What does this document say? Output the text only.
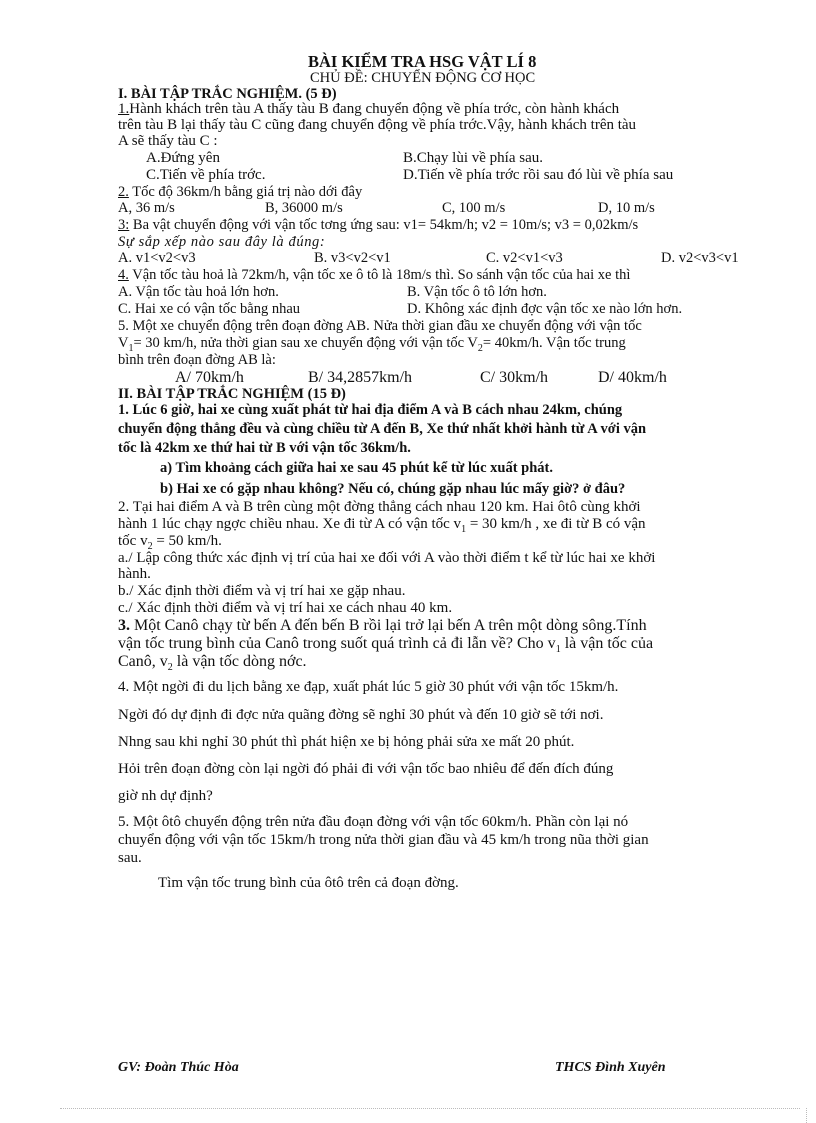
BÀI KIỂM TRA HSG VẬT LÍ 8
CHỦ ĐỀ: CHUYỂN ĐỘNG CƠ HỌC
I. BÀI TẬP TRẮC NGHIỆM. (5 Đ)
1.Hành khách trên tàu A thấy tàu B đang chuyển động về phía trớc, còn hành khách
trên tàu B lại thấy tàu C cũng đang chuyển động về phía trớc.Vậy, hành khách trên tàu
A sẽ thấy tàu C :
A.Đứng yên	B.Chạy lùi về phía sau.
C.Tiến về phía trớc.	D.Tiến về phía trớc rồi sau đó lùi về phía sau
2. Tốc độ 36km/h bằng giá trị nào dới đây
A, 36 m/s	B, 36000 m/s	C, 100 m/s	D, 10 m/s
3: Ba vật chuyển động với vận tốc tơng ứng sau: v1= 54km/h; v2 = 10m/s; v3 = 0,02km/s
Sự sắp xếp nào sau đây là đúng:
A. v1<v2<v3	B. v3<v2<v1	C. v2<v1<v3	D. v2<v3<v1
4. Vận tốc tàu hoả là 72km/h, vận tốc xe ô tô là 18m/s thì. So sánh vận tốc của hai xe thì
A. Vận tốc tàu hoả lớn hơn.	B. Vận tốc ô tô lớn hơn.
C. Hai xe có vận tốc bằng nhau	D. Không xác định đợc vận tốc xe nào lớn hơn.
5. Một xe chuyển động trên đoạn đờng AB. Nửa thời gian đầu xe chuyển động với vận tốc
$V_1= 30$ km/h, nửa thời gian sau xe chuyển động với vận tốc $V_2= 40km/h$. Vận tốc trung
bình trên đoạn đờng AB là:
A/ 70km/h	B/ 34,2857km/h	C/ 30km/h	D/ 40km/h
II. BÀI TẬP TRẮC NGHIỆM (15 Đ)
1. Lúc 6 giờ, hai xe cùng xuất phát từ hai địa điểm A và B cách nhau 24km, chúng
chuyển động thẳng đều và cùng chiều từ A đến B, Xe thứ nhất khởi hành từ A với vận
tốc là 42km xe thứ hai từ B với vận tốc 36km/h.
a) Tìm khoảng cách giữa hai xe sau 45 phút kể từ lúc xuất phát.
b) Hai xe có gặp nhau không? Nếu có, chúng gặp nhau lúc mấy giờ? ở đâu?
2. Tại hai điểm A và B trên cùng một đờng thẳng cách nhau 120 km. Hai ôtô cùng khởi
hành 1 lúc chạy ngợc chiều nhau. Xe đi từ A có vận tốc $v_1 = 30$ km/h , xe đi từ B có vận
tốc $v_2 = 50$ km/h.
a./ Lập công thức xác định vị trí của hai xe đối với A vào thời điểm t kể từ lúc hai xe khởi
hành.
b./ Xác định thời điểm và vị trí hai xe gặp nhau.
c./ Xác định thời điểm và vị trí hai xe cách nhau 40 km.
3. Một Canô chạy từ bến A đến bến B rồi lại trở lại bến A trên một dòng sông.Tính
vận tốc trung bình của Canô trong suốt quá trình cả đi lẫn về? Cho $v_1$ là vận tốc của
Canô, $v_2$ là vận tốc dòng nớc.
4. Một ngời đi du lịch bằng xe đạp, xuất phát lúc 5 giờ 30 phút với vận tốc 15km/h.
Ngời đó dự định đi đợc nửa quãng đờng sẽ nghỉ 30 phút và đến 10 giờ sẽ tới nơi.
Nhng sau khi nghỉ 30 phút thì phát hiện xe bị hỏng phải sửa xe mất 20 phút.
Hỏi trên đoạn đờng còn lại ngời đó phải đi với vận tốc bao nhiêu để đến đích đúng
giờ nh dự định?
5. Một ôtô chuyển động trên nửa đầu đoạn đờng với vận tốc 60km/h. Phần còn lại nó
chuyển động với vận tốc 15km/h trong nửa thời gian đầu và 45 km/h trong nũa thời gian
sau.
Tìm vận tốc trung bình của ôtô trên cả đoạn đờng.
GV: Đoàn Thúc Hòa	THCS Đình Xuyên
